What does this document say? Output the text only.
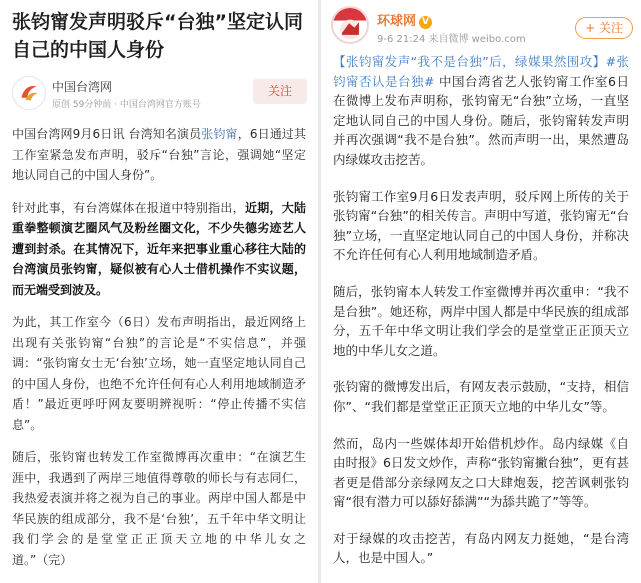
张钧甯发声明驳斥“台独”坚定认同自己的中国人身份
中国台湾网
原创 59分钟前 · 中国台湾网官方账号
关注

中国台湾网9月6日讯 台湾知名演员张钧甯，6日通过其工作室紧急发布声明，驳斥“台独”言论，强调她“坚定地认同自己的中国人身份”。

针对此事，有台湾媒体在报道中特别指出，近期，大陆重拳整顿演艺圈风气及粉丝圈文化，不少失德劣迹艺人遭到封杀。在其情况下，近年来把事业重心移往大陆的台湾演员张钧甯，疑似被有心人士借机操作不实议题，而无端受到波及。

为此，其工作室今（6日）发布声明指出，最近网络上出现有关张钧甯“台独”的言论是“不实信息”，并强调：“张钧甯女士无‘台独’立场，她一直坚定地认同自己的中国人身份，也绝不允许任何有心人利用地域制造矛盾！”最近更呼吁网友要明辨视听：“停止传播不实信息”。

随后，张钧甯也转发工作室微博再次重申：“在演艺生涯中，我遇到了两岸三地值得尊敬的师长与有志同仁，我热爱表演并将之视为自己的事业。两岸中国人都是中华民族的组成部分，我不是‘台独’，五千年中华文明让我们学会的是堂堂正正顶天立地的中华儿女之道。”（完）

环球网 V
9-6 21:24 来自微博 weibo.com
+ 关注

【张钧甯发声“我不是台独”后，绿媒果然围攻】#张钧甯否认是台独# 中国台湾省艺人张钧甯工作室6日在微博上发布声明称，张钧甯无“台独”立场，一直坚定地认同自己的中国人身份。随后，张钧甯转发声明并再次强调“我不是台独”。然而声明一出，果然遭岛内绿媒攻击挖苦。

张钧甯工作室9月6日发表声明，驳斥网上所传的关于张钧甯“台独”的相关传言。声明中写道，张钧甯无“台独”立场，一直坚定地认同自己的中国人身份，并称决不允许任何有心人利用地域制造矛盾。

随后，张钧甯本人转发工作室微博并再次重申：“我不是台独”。她还称，两岸中国人都是中华民族的组成部分，五千年中华文明让我们学会的是堂堂正正顶天立地的中华儿女之道。

张钧甯的微博发出后，有网友表示鼓励，“支持，相信你”、“我们都是堂堂正正顶天立地的中华儿女”等。

然而，岛内一些媒体却开始借机炒作。岛内绿媒《自由时报》6日发文炒作，声称“张钧甯撇台独”，更有甚者更是借部分亲绿网友之口大肆炮轰，挖苦讽刺张钧甯“很有潜力可以舔好舔满”“为舔共跪了”等等。

对于绿媒的攻击挖苦，有岛内网友力挺她，“是台湾人，也是中国人。”
